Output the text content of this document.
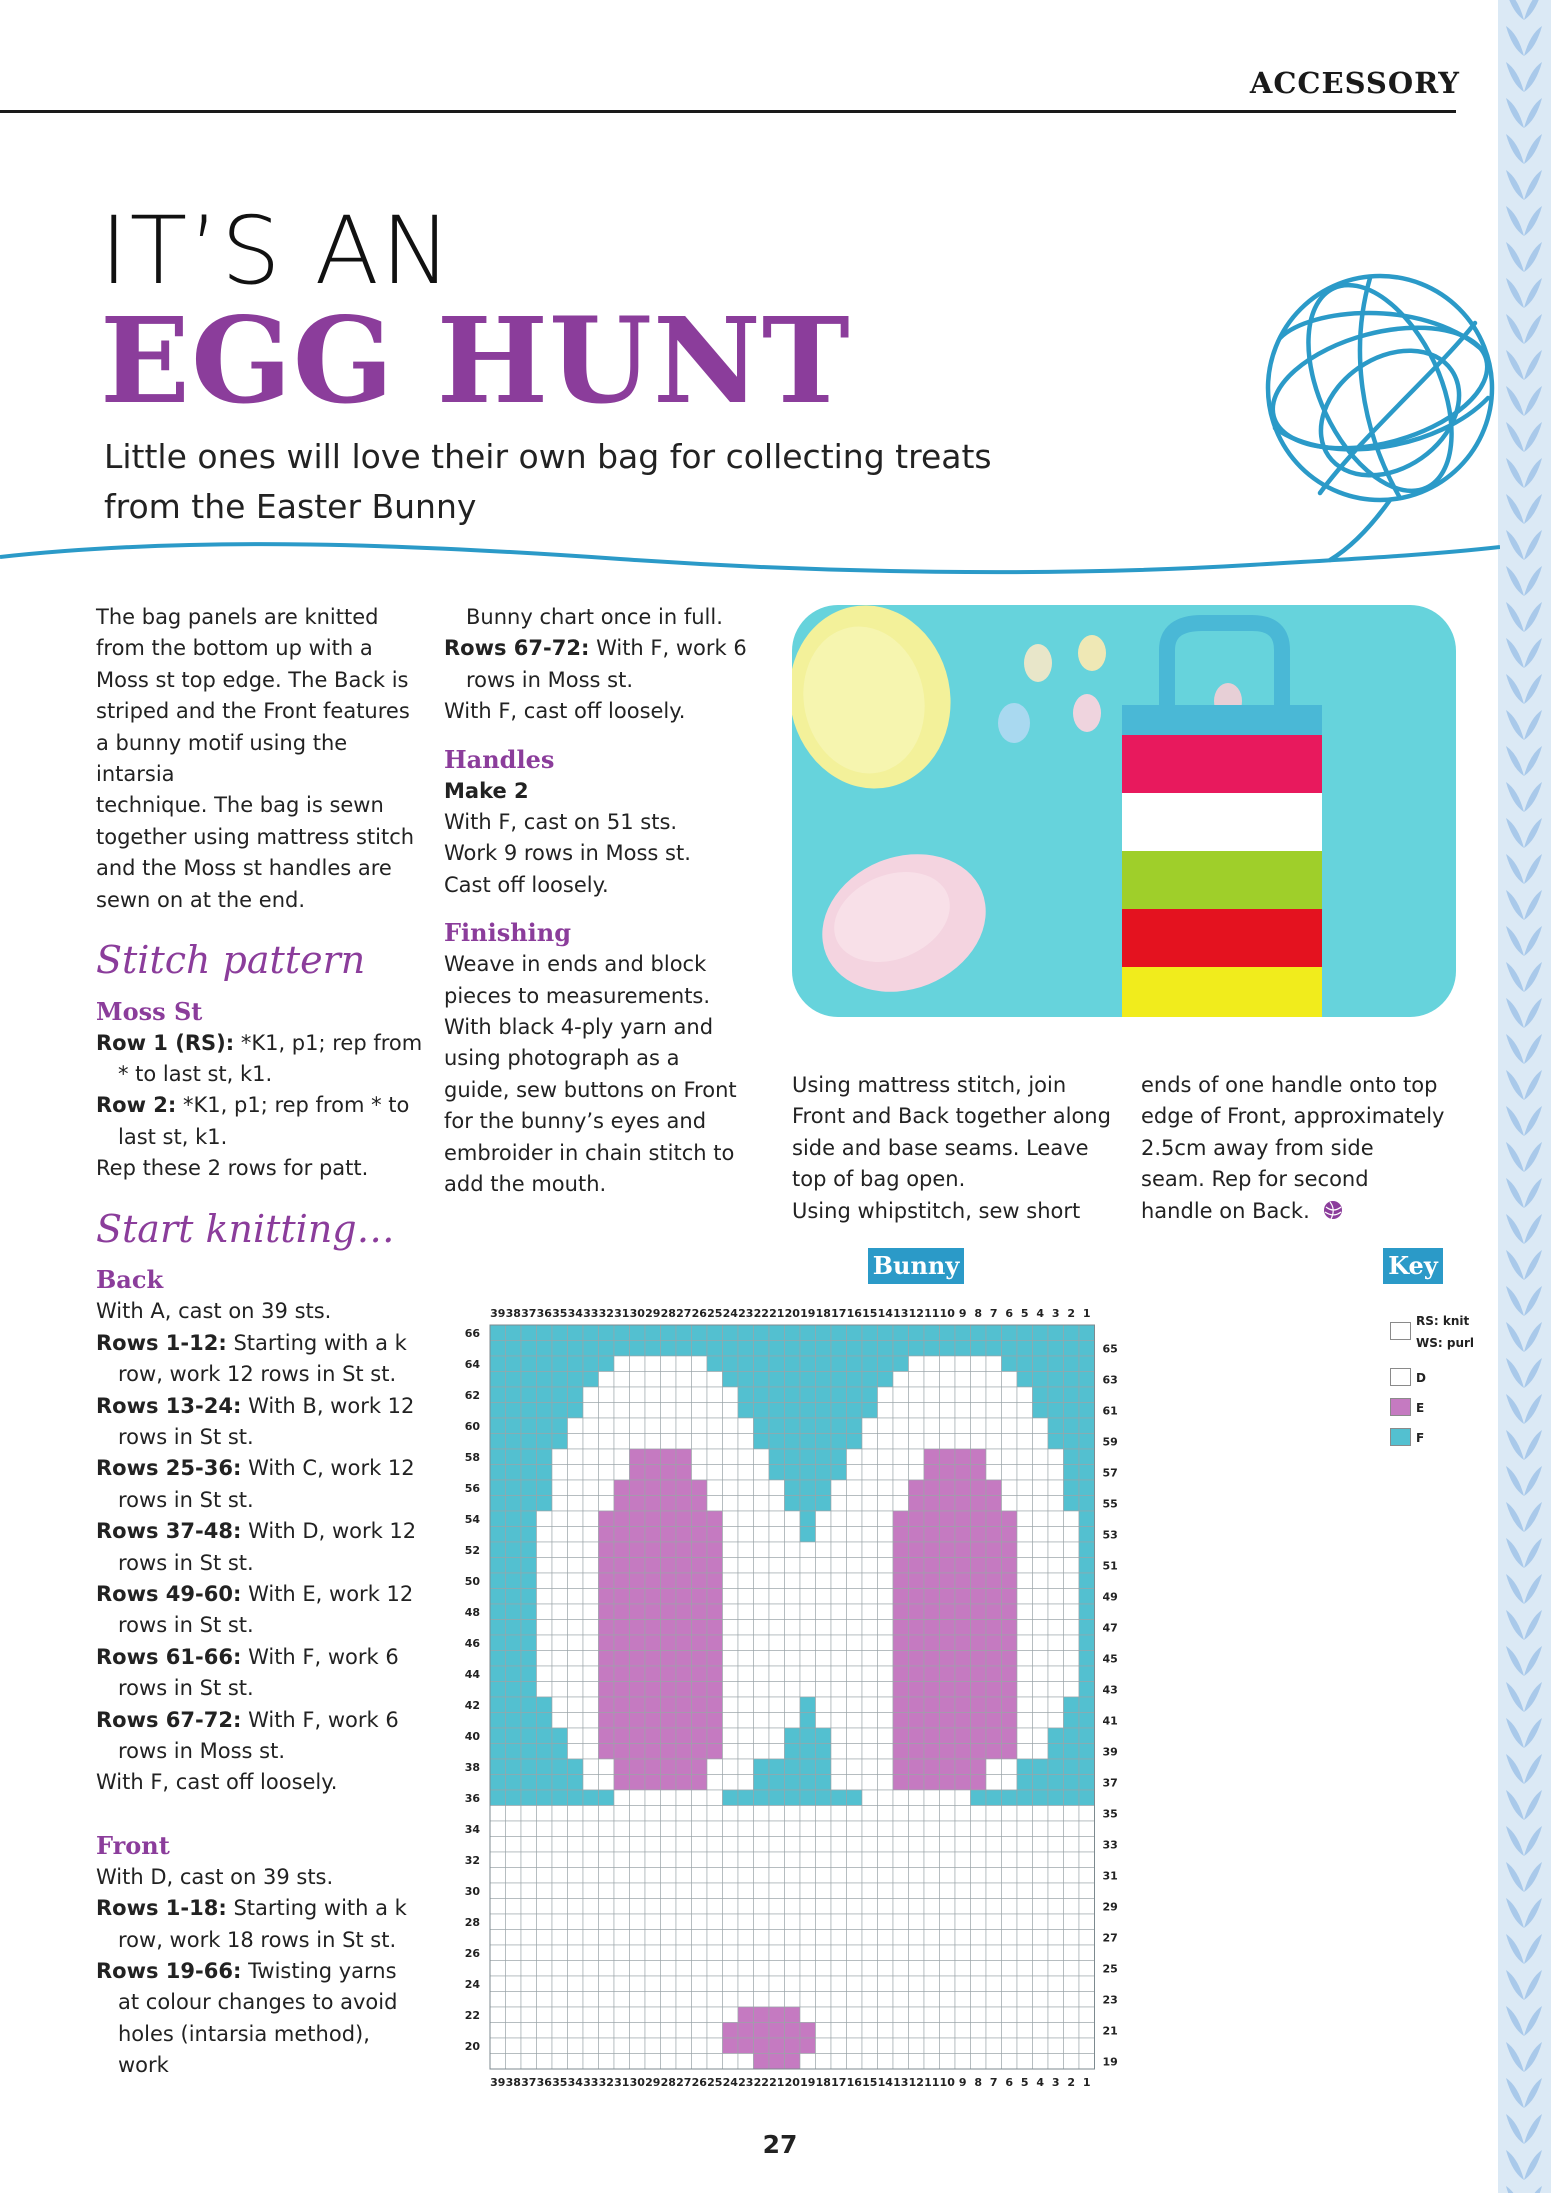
ACCESSORY
IT’S AN
EGG HUNT
Little ones will love their own bag for collecting treats
from the Easter Bunny

The bag panels are knitted

from the bottom up with a

Moss st top edge. The Back is

striped and the Front features

a bunny motif using the intarsia

technique. The bag is sewn

together using mattress stitch

and the Moss st handles are

sewn on at the end.

Stitch pattern
Moss St

Row 1 (RS): *K1, p1; rep from

* to last st, k1.

Row 2: *K1, p1; rep from * to

last st, k1.

Rep these 2 rows for patt.

Start knitting…
Back

With A, cast on 39 sts.

Rows 1-12: Starting with a k

row, work 12 rows in St st.

Rows 13-24: With B, work 12

rows in St st.

Rows 25-36: With C, work 12

rows in St st.

Rows 37-48: With D, work 12

rows in St st.

Rows 49-60: With E, work 12

rows in St st.

Rows 61-66: With F, work 6

rows in St st.

Rows 67-72: With F, work 6

rows in Moss st.

With F, cast off loosely.

Front

With D, cast on 39 sts.

Rows 1-18: Starting with a k

row, work 18 rows in St st.

Rows 19-66: Twisting yarns

at colour changes to avoid

holes (intarsia method), work

Bunny chart once in full.

Rows 67-72: With F, work 6

rows in Moss st.

With F, cast off loosely.

Handles

Make 2

With F, cast on 51 sts.

Work 9 rows in Moss st.

Cast off loosely.

Finishing

Weave in ends and block

pieces to measurements.

With black 4-ply yarn and

using photograph as a

guide, sew buttons on Front

for the bunny’s eyes and

embroider in chain stitch to

add the mouth.

Using mattress stitch, join

Front and Back together along

side and base seams. Leave

top of bag open.

Using whipstitch, sew short

ends of one handle onto top

edge of Front, approximately

2.5cm away from side

seam. Rep for second

handle on Back.

Bunny	Key
39
39
38
38
37
37
36
36
35
35
34
34
33
33
32
32
31
31
30
30
29
29
28
28
27
27
26
26
25
25
24
24
23
23
22
22
21
21
20
20
19
19
18
18
17
17
16
16
15
15
14
14
13
13
12
12
11
11
10
10
9
9
8
8
7
7
6
6
5
5
4
4
3
3
2
2
1
1
66
64
62
60
58
56
54
52
50
48
46
44
42
40
38
36
34
32
30
28
26
24
22
20
65
63
61
59
57
55
53
51
49
47
45
43
41
39
37
35
33
31
29
27
25
23
21
19
RS: knit
WS: purl
D
E
F
27
